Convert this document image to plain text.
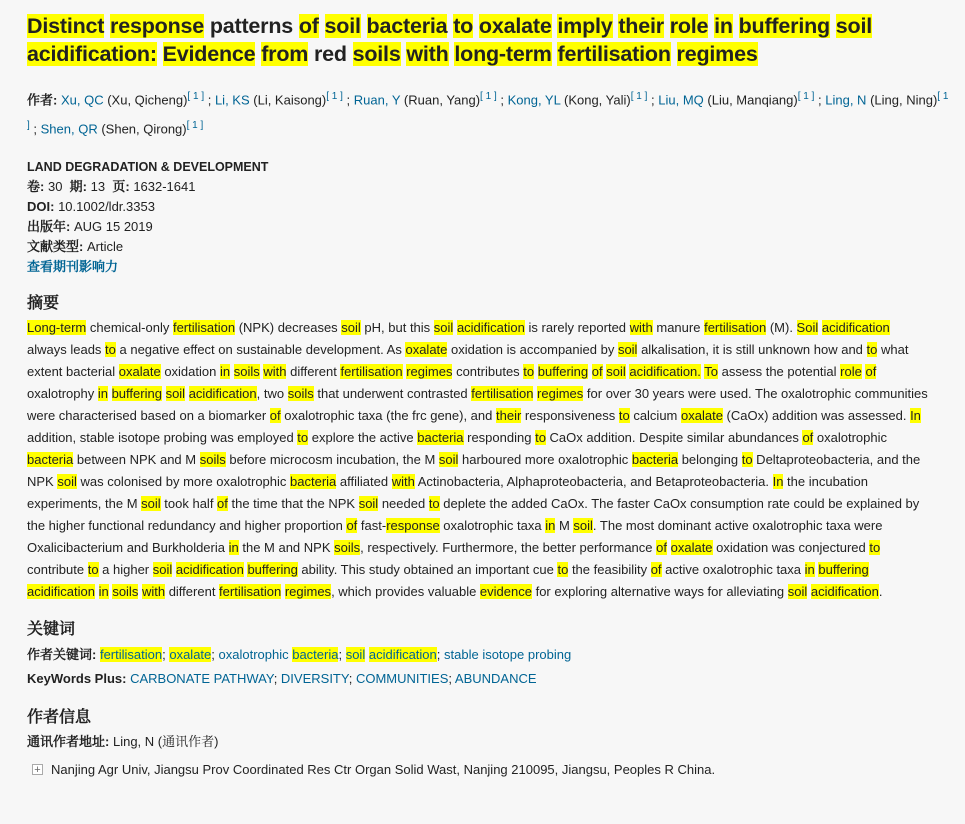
Distinct response patterns of soil bacteria to oxalate imply their role in buffering soil acidification: Evidence from red soils with long-term fertilisation regimes
作者: Xu, QC (Xu, Qicheng)[ 1 ] ; Li, KS (Li, Kaisong)[ 1 ] ; Ruan, Y (Ruan, Yang)[ 1 ] ; Kong, YL (Kong, Yali)[ 1 ] ; Liu, MQ (Liu, Manqiang)[ 1 ] ; Ling, N (Ling, Ning)[ 1 ] ; Shen, QR (Shen, Qirong)[ 1 ]
LAND DEGRADATION & DEVELOPMENT
卷: 30 期: 13 页: 1632-1641
DOI: 10.1002/ldr.3353
出版年: AUG 15 2019
文献类型: Article
查看期刊影响力
摘要
Long-term chemical-only fertilisation (NPK) decreases soil pH, but this soil acidification is rarely reported with manure fertilisation (M). Soil acidification always leads to a negative effect on sustainable development. As oxalate oxidation is accompanied by soil alkalisation, it is still unknown how and to what extent bacterial oxalate oxidation in soils with different fertilisation regimes contributes to buffering of soil acidification. To assess the potential role of oxalotrophy in buffering soil acidification, two soils that underwent contrasted fertilisation regimes for over 30 years were used. The oxalotrophic communities were characterised based on a biomarker of oxalotrophic taxa (the frc gene), and their responsiveness to calcium oxalate (CaOx) addition was assessed. In addition, stable isotope probing was employed to explore the active bacteria responding to CaOx addition. Despite similar abundances of oxalotrophic bacteria between NPK and M soils before microcosm incubation, the M soil harboured more oxalotrophic bacteria belonging to Deltaproteobacteria, and the NPK soil was colonised by more oxalotrophic bacteria affiliated with Actinobacteria, Alphaproteobacteria, and Betaproteobacteria. In the incubation experiments, the M soil took half of the time that the NPK soil needed to deplete the added CaOx. The faster CaOx consumption rate could be explained by the higher functional redundancy and higher proportion of fast-response oxalotrophic taxa in M soil. The most dominant active oxalotrophic taxa were Oxalicibacterium and Burkholderia in the M and NPK soils, respectively. Furthermore, the better performance of oxalate oxidation was conjectured to contribute to a higher soil acidification buffering ability. This study obtained an important cue to the feasibility of active oxalotrophic taxa in buffering acidification in soils with different fertilisation regimes, which provides valuable evidence for exploring alternative ways for alleviating soil acidification.
关键词
作者关键词: fertilisation; oxalate; oxalotrophic bacteria; soil acidification; stable isotope probing
KeyWords Plus: CARBONATE PATHWAY; DIVERSITY; COMMUNITIES; ABUNDANCE
作者信息
通讯作者地址: Ling, N (通讯作者)
+ Nanjing Agr Univ, Jiangsu Prov Coordinated Res Ctr Organ Solid Wast, Nanjing 210095, Jiangsu, Peoples R China.
